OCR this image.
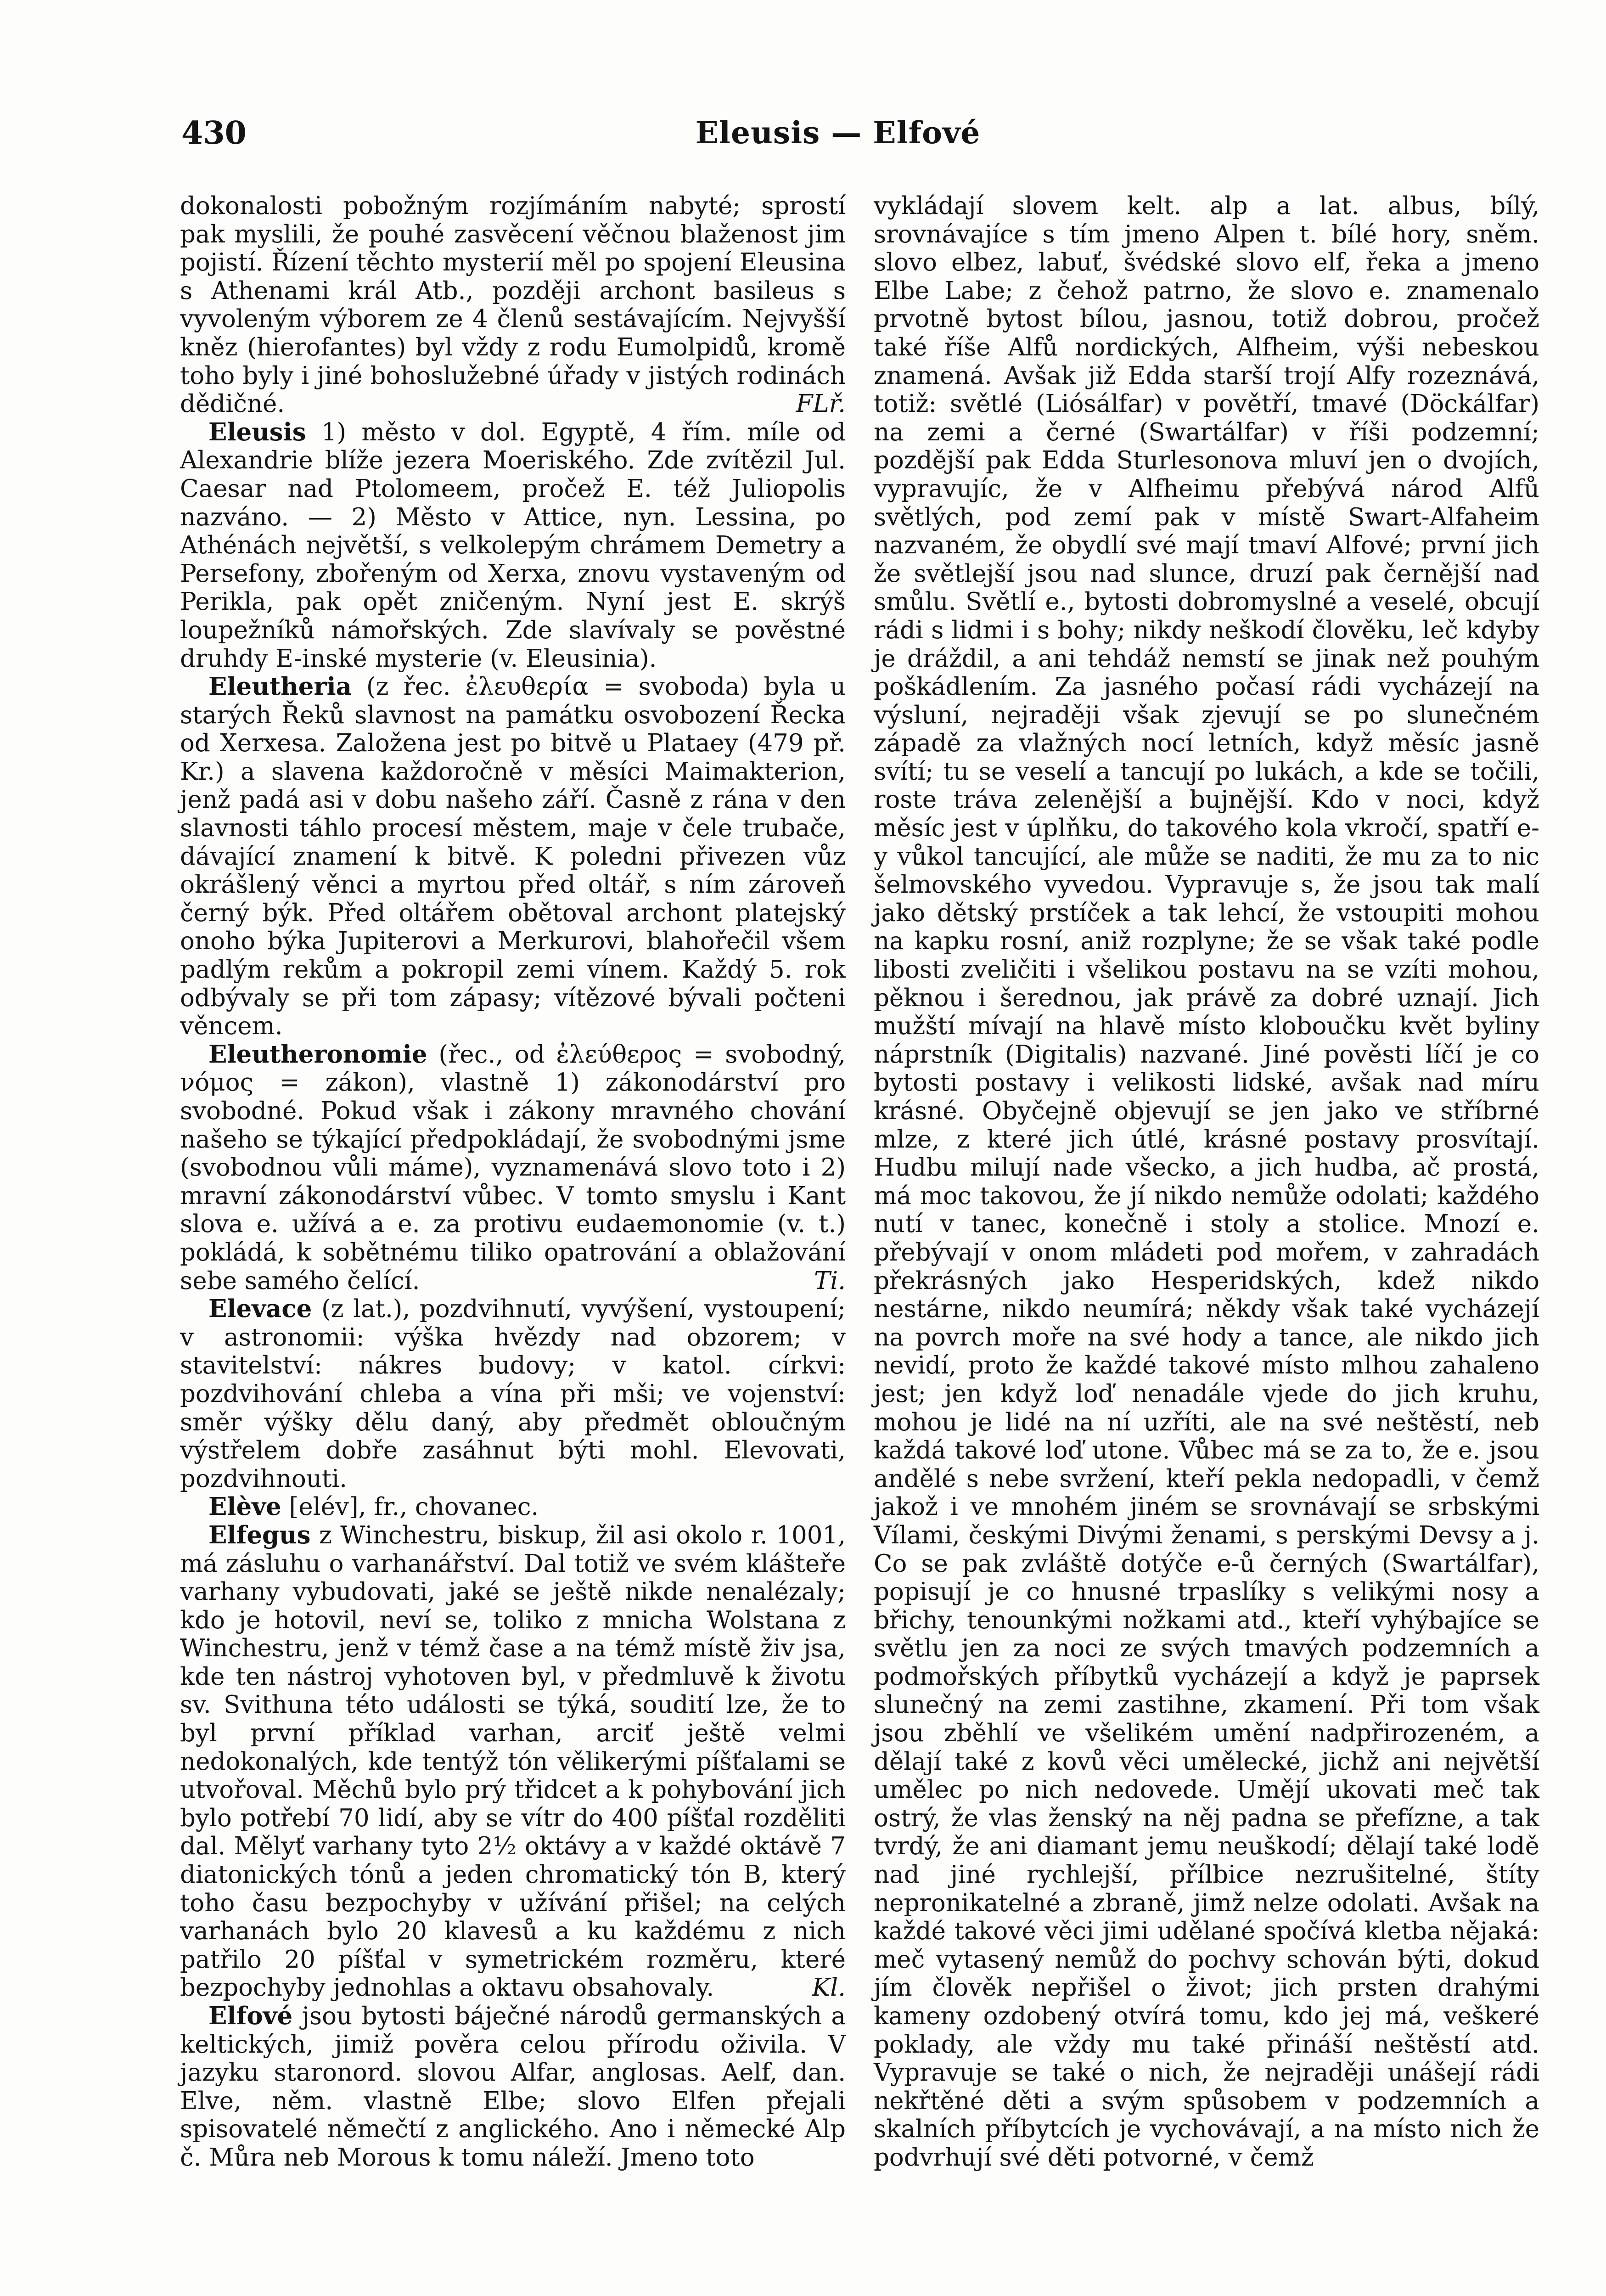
430	Eleusis — Elfové

dokonalosti pobožným rozjímáním nabyté; sprostí pak myslili, že pouhé zasvěcení věčnou blaženost jim pojistí. Řízení těchto mysterií měl po spojení Eleusina s Athenami král Atb., později archont basileus s vyvoleným výborem ze 4 členů sestávajícím. Nejvyšší kněz (hierofantes) byl vždy z rodu Eumolpidů, kromě toho byly i jiné bohoslužebné úřady v jistých rodinách dědičné.	FLř.

Eleusis 1) město v dol. Egyptě, 4 řím. míle od Alexandrie blíže jezera Moeriského. Zde zvítězil Jul. Caesar nad Ptolomeem, pročež E. též Juliopolis nazváno. — 2) Město v Attice, nyn. Lessina, po Athénách největší, s velkolepým chrámem Demetry a Persefony, zbořeným od Xerxa, znovu vystaveným od Perikla, pak opět zničeným. Nyní jest E. skrýš loupežníků námořských. Zde slavívaly se pověstné druhdy E-inské mysterie (v. Eleusinia).

Eleutheria (z řec. ἐλευθερία = svoboda) byla u starých Řeků slavnost na památku osvobození Řecka od Xerxesa. Založena jest po bitvě u Plataey (479 př. Kr.) a slavena každoročně v měsíci Maimakterion, jenž padá asi v dobu našeho září. Časně z rána v den slavnosti táhlo procesí městem, maje v čele trubače, dávající znamení k bitvě. K poledni přivezen vůz okrášlený věnci a myrtou před oltář, s ním zároveň černý býk. Před oltářem obětoval archont platejský onoho býka Jupiterovi a Merkurovi, blahořečil všem padlým rekům a pokropil zemi vínem. Každý 5. rok odbývaly se při tom zápasy; vítězové bývali počteni věncem.

Eleutheronomie (řec., od ἐλεύθερος = svobodný, νόμος = zákon), vlastně 1) zákonodárství pro svobodné. Pokud však i zákony mravného chování našeho se týkající předpokládají, že svobodnými jsme (svobodnou vůli máme), vyznamenává slovo toto i 2) mravní zákonodárství vůbec. V tomto smyslu i Kant slova e. užívá a e. za protivu eudaemonomie (v. t.) pokládá, k sobětnému tiliko opatrování a oblažování sebe samého čelící.	Ti.

Elevace (z lat.), pozdvihnutí, vyvýšení, vystoupení; v astronomii: výška hvězdy nad obzorem; v stavitelství: nákres budovy; v katol. církvi: pozdvihování chleba a vína při mši; ve vojenství: směr výšky dělu daný, aby předmět obloučným výstřelem dobře zasáhnut býti mohl. Elevovati, pozdvihnouti.

Elève [elév], fr., chovanec.

Elfegus z Winchestru, biskup, žil asi okolo r. 1001, má zásluhu o varhanářství. Dal totiž ve svém klášteře varhany vybudovati, jaké se ještě nikde nenalézaly; kdo je hotovil, neví se, toliko z mnicha Wolstana z Winchestru, jenž v témž čase a na témž místě živ jsa, kde ten nástroj vyhotoven byl, v předmluvě k životu sv. Svithuna této události se týká, soudití lze, že to byl první příklad varhan, arciť ještě velmi nedokonalých, kde tentýž tón vělikerými píšťalami se utvořoval. Měchů bylo prý třidcet a k pohybování jich bylo potřebí 70 lidí, aby se vítr do 400 píšťal rozděliti dal. Mělyť varhany tyto 2½ oktávy a v každé oktávě 7 diatonických tónů a jeden chromatický tón B, který toho času bezpochyby v užívání přišel; na celých varhanách bylo 20 klavesů a ku každému z nich patřilo 20 píšťal v symetrickém rozměru, které bezpochyby jednohlas a oktavu obsahovaly.	Kl.

Elfové jsou bytosti báječné národů germanských a keltických, jimiž pověra celou přírodu oživila. V jazyku staronord. slovou Alfar, anglosas. Aelf, dan. Elve, něm. vlastně Elbe; slovo Elfen přejali spisovatelé němečtí z anglického. Ano i německé Alp č. Můra neb Morous k tomu náleží. Jmeno toto

vykládají slovem kelt. alp a lat. albus, bílý, srovnávajíce s tím jmeno Alpen t. bílé hory, sněm. slovo elbez, labuť, švédské slovo elf, řeka a jmeno Elbe Labe; z čehož patrno, že slovo e. znamenalo prvotně bytost bílou, jasnou, totiž dobrou, pročež také říše Alfů nordických, Alfheim, výši nebeskou znamená. Avšak již Edda starší trojí Alfy rozeznává, totiž: světlé (Liósálfar) v povětří, tmavé (Döckálfar) na zemi a černé (Swartálfar) v říši podzemní; pozdější pak Edda Sturlesonova mluví jen o dvojích, vypravujíc, že v Alfheimu přebývá národ Alfů světlých, pod zemí pak v místě Swart-Alfaheim nazvaném, že obydlí své mají tmaví Alfové; první jich že světlejší jsou nad slunce, druzí pak černější nad smůlu. Světlí e., bytosti dobromyslné a veselé, obcují rádi s lidmi i s bohy; nikdy neškodí člověku, leč kdyby je dráždil, a ani tehdáž nemstí se jinak než pouhým poškádlením. Za jasného počasí rádi vycházejí na výsluní, nejraději však zjevují se po slunečném západě za vlažných nocí letních, když měsíc jasně svítí; tu se veselí a tancují po lukách, a kde se točili, roste tráva zelenější a bujnější. Kdo v noci, když měsíc jest v úplňku, do takového kola vkročí, spatří e-y vůkol tancující, ale může se naditi, že mu za to nic šelmovského vyvedou. Vypravuje s, že jsou tak malí jako dětský prstíček a tak lehcí, že vstoupiti mohou na kapku rosní, aniž rozplyne; že se však také podle libosti zveličiti i všelikou postavu na se vzíti mohou, pěknou i šerednou, jak právě za dobré uznají. Jich mužští mívají na hlavě místo kloboučku květ byliny náprstník (Digitalis) nazvané. Jiné pověsti líčí je co bytosti postavy i velikosti lidské, avšak nad míru krásné. Obyčejně objevují se jen jako ve stříbrné mlze, z které jich útlé, krásné postavy prosvítají. Hudbu milují nade všecko, a jich hudba, ač prostá, má moc takovou, že jí nikdo nemůže odolati; každého nutí v tanec, konečně i stoly a stolice. Mnozí e. přebývají v onom mládeti pod mořem, v zahradách překrásných jako Hesperidských, kdež nikdo nestárne, nikdo neumírá; někdy však také vycházejí na povrch moře na své hody a tance, ale nikdo jich nevidí, proto že každé takové místo mlhou zahaleno jest; jen když loď nenadále vjede do jich kruhu, mohou je lidé na ní uzříti, ale na své neštěstí, neb každá takové loď utone. Vůbec má se za to, že e. jsou andělé s nebe svržení, kteří pekla nedopadli, v čemž jakož i ve mnohém jiném se srovnávají se srbskými Vílami, českými Divými ženami, s perskými Devsy a j. Co se pak zvláště dotýče e-ů černých (Swartálfar), popisují je co hnusné trpaslíky s velikými nosy a břichy, tenounkými nožkami atd., kteří vyhýbajíce se světlu jen za noci ze svých tmavých podzemních a podmořských příbytků vycházejí a když je paprsek slunečný na zemi zastihne, zkamení. Při tom však jsou zběhlí ve všelikém umění nadpřirozeném, a dělají také z kovů věci umělecké, jichž ani největší umělec po nich nedovede. Umějí ukovati meč tak ostrý, že vlas ženský na něj padna se přefízne, a tak tvrdý, že ani diamant jemu neuškodí; dělají také lodě nad jiné rychlejší, přílbice nezrušitelné, štíty nepronikatelné a zbraně, jimž nelze odolati. Avšak na každé takové věci jimi udělané spočívá kletba nějaká: meč vytasený nemůž do pochvy schován býti, dokud jím člověk nepřišel o život; jich prsten drahými kameny ozdobený otvírá tomu, kdo jej má, veškeré poklady, ale vždy mu také přináší neštěstí atd. Vypravuje se také o nich, že nejraději unášejí rádi nekřtěné děti a svým spůsobem v podzemních a skalních příbytcích je vychovávají, a na místo nich že podvrhují své děti potvorné, v čemž
